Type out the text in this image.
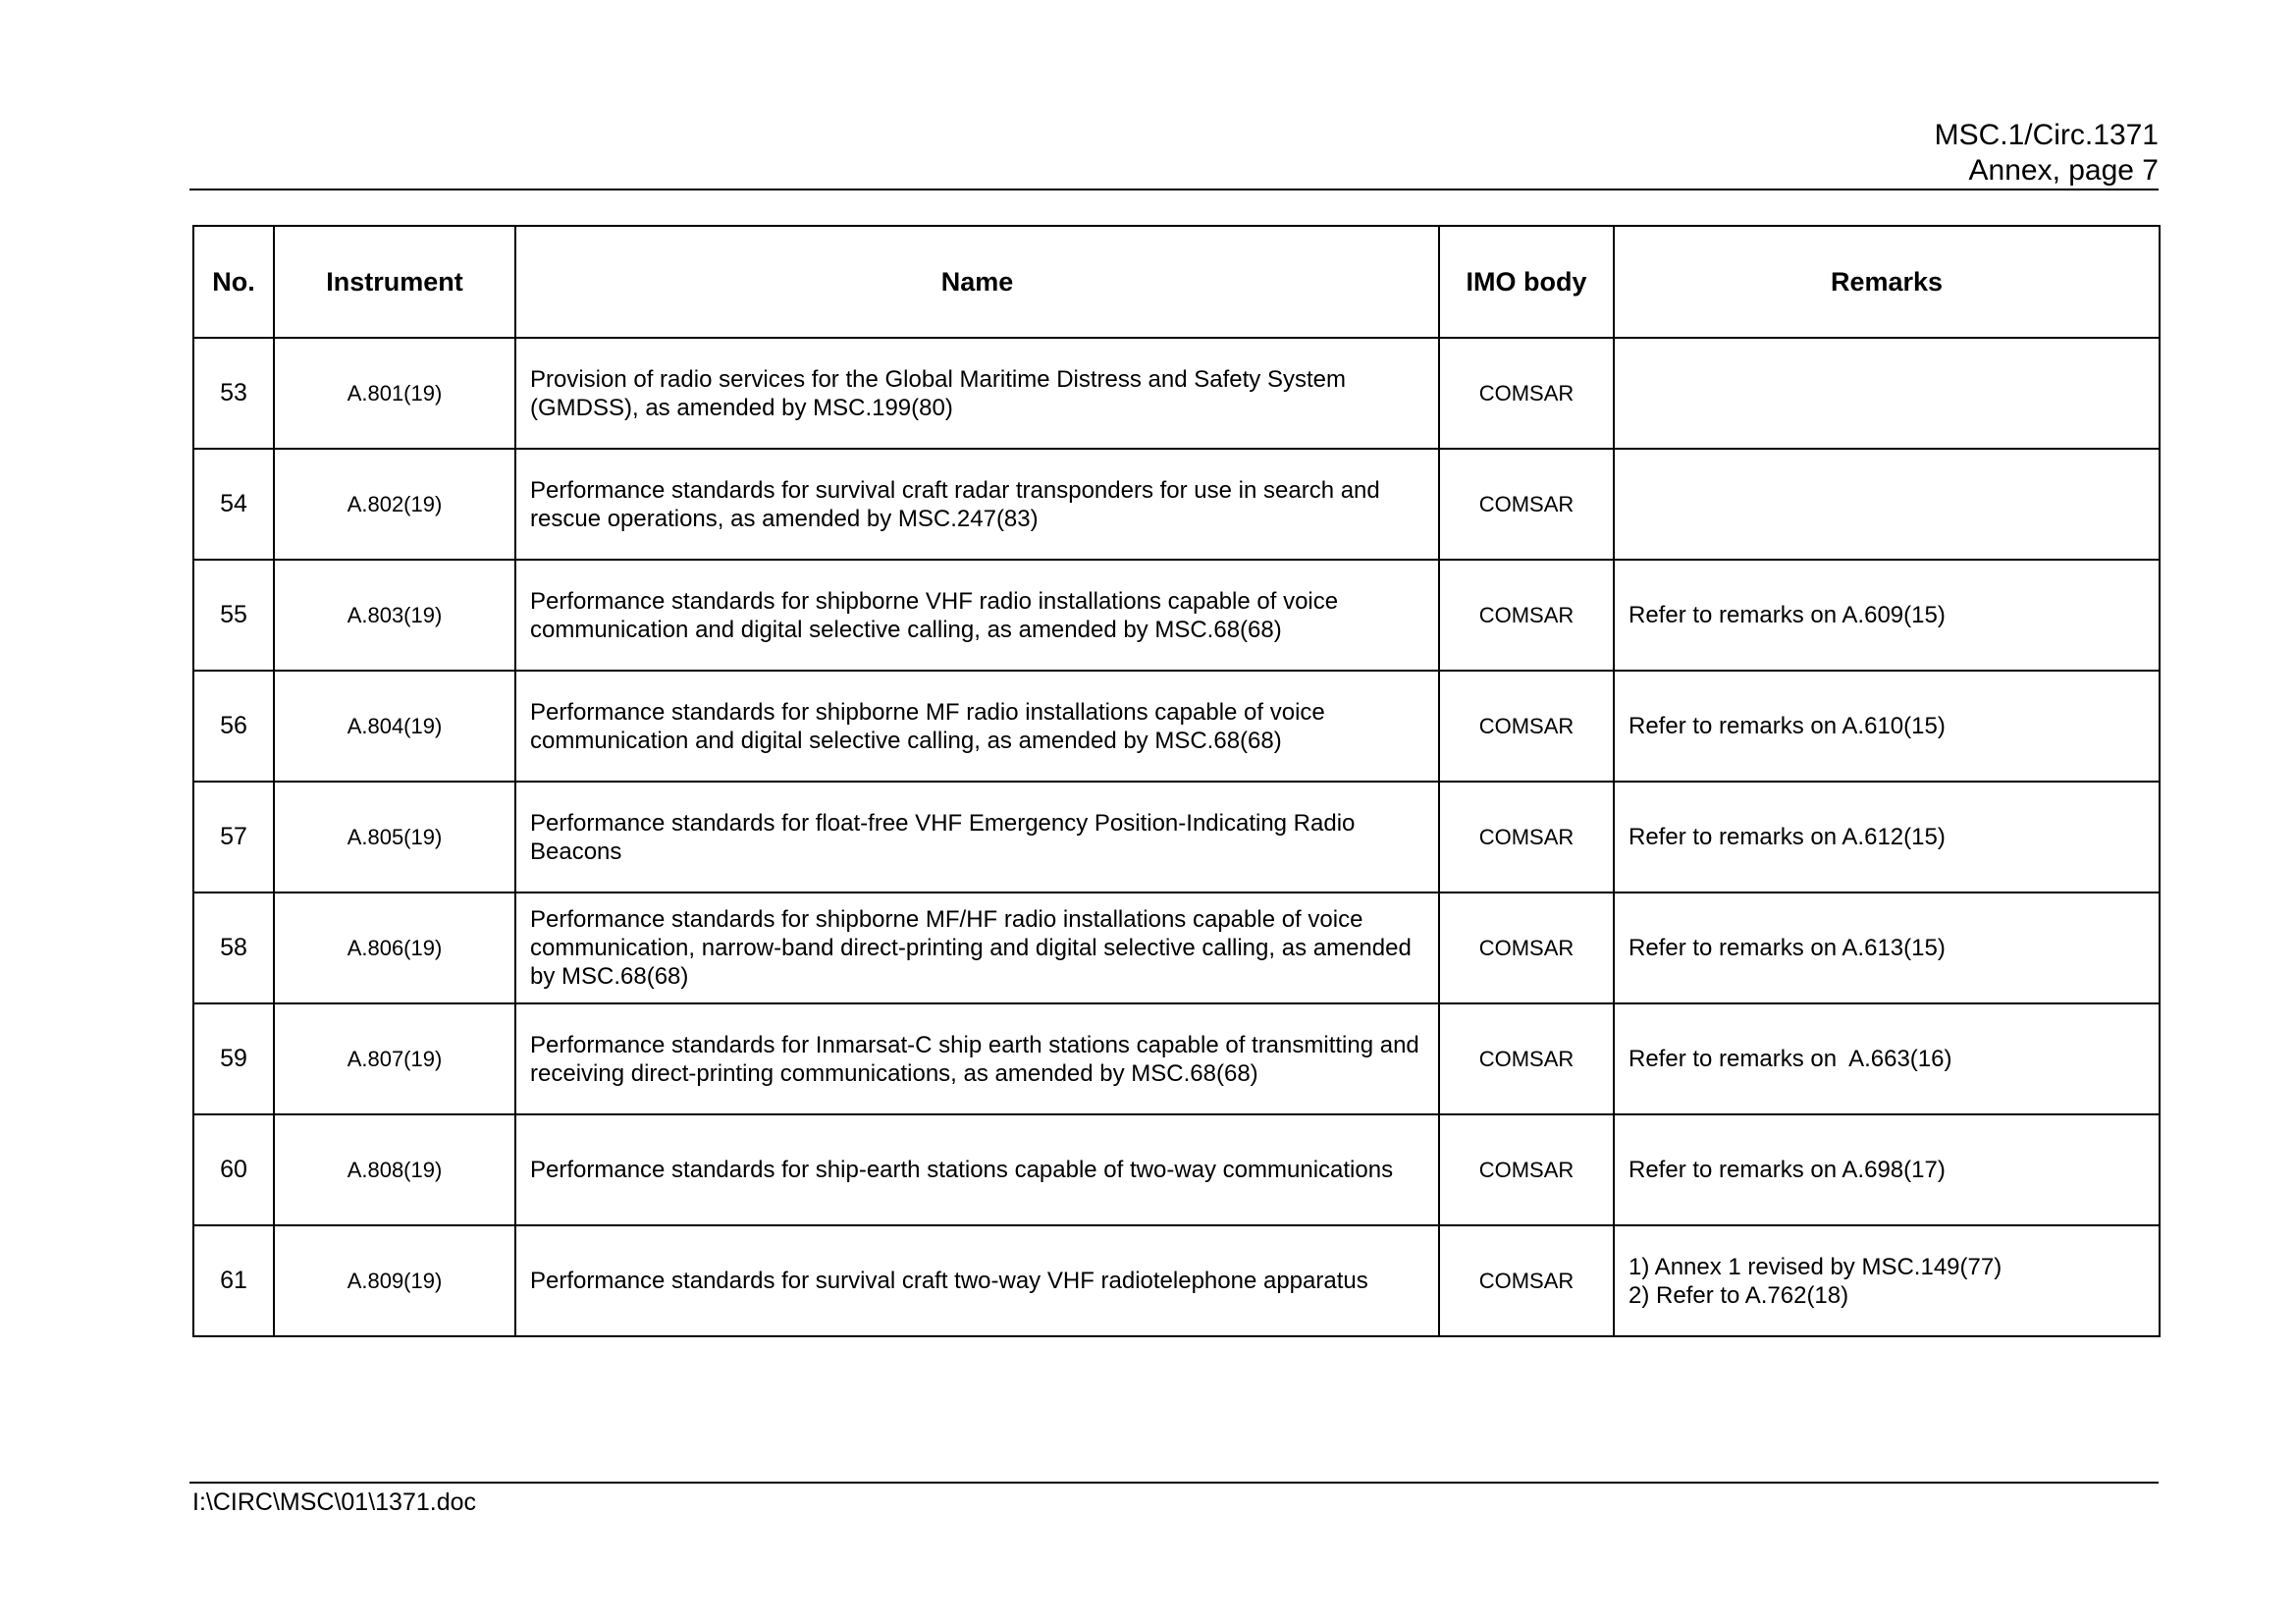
MSC.1/Circ.1371
Annex, page 7
No.	Instrument	Name	IMO body	Remarks
53	A.801(19)	Provision of radio services for the Global Maritime Distress and Safety System (GMDSS), as amended by MSC.199(80)	COMSAR	
54	A.802(19)	Performance standards for survival craft radar transponders for use in search and rescue operations, as amended by MSC.247(83)	COMSAR	
55	A.803(19)	Performance standards for shipborne VHF radio installations capable of voice communication and digital selective calling, as amended by MSC.68(68)	COMSAR	Refer to remarks on A.609(15)
56	A.804(19)	Performance standards for shipborne MF radio installations capable of voice communication and digital selective calling, as amended by MSC.68(68)	COMSAR	Refer to remarks on A.610(15)
57	A.805(19)	Performance standards for float-free VHF Emergency Position-Indicating Radio Beacons	COMSAR	Refer to remarks on A.612(15)
58	A.806(19)	Performance standards for shipborne MF/HF radio installations capable of voice communication, narrow-band direct-printing and digital selective calling, as amended by MSC.68(68)	COMSAR	Refer to remarks on A.613(15)
59	A.807(19)	Performance standards for Inmarsat-C ship earth stations capable of transmitting and receiving direct-printing communications, as amended by MSC.68(68)	COMSAR	Refer to remarks on  A.663(16)
60	A.808(19)	Performance standards for ship-earth stations capable of two-way communications	COMSAR	Refer to remarks on A.698(17)
61	A.809(19)	Performance standards for survival craft two-way VHF radiotelephone apparatus	COMSAR	1) Annex 1 revised by MSC.149(77)
2) Refer to A.762(18)
I:\CIRC\MSC\01\1371.doc
